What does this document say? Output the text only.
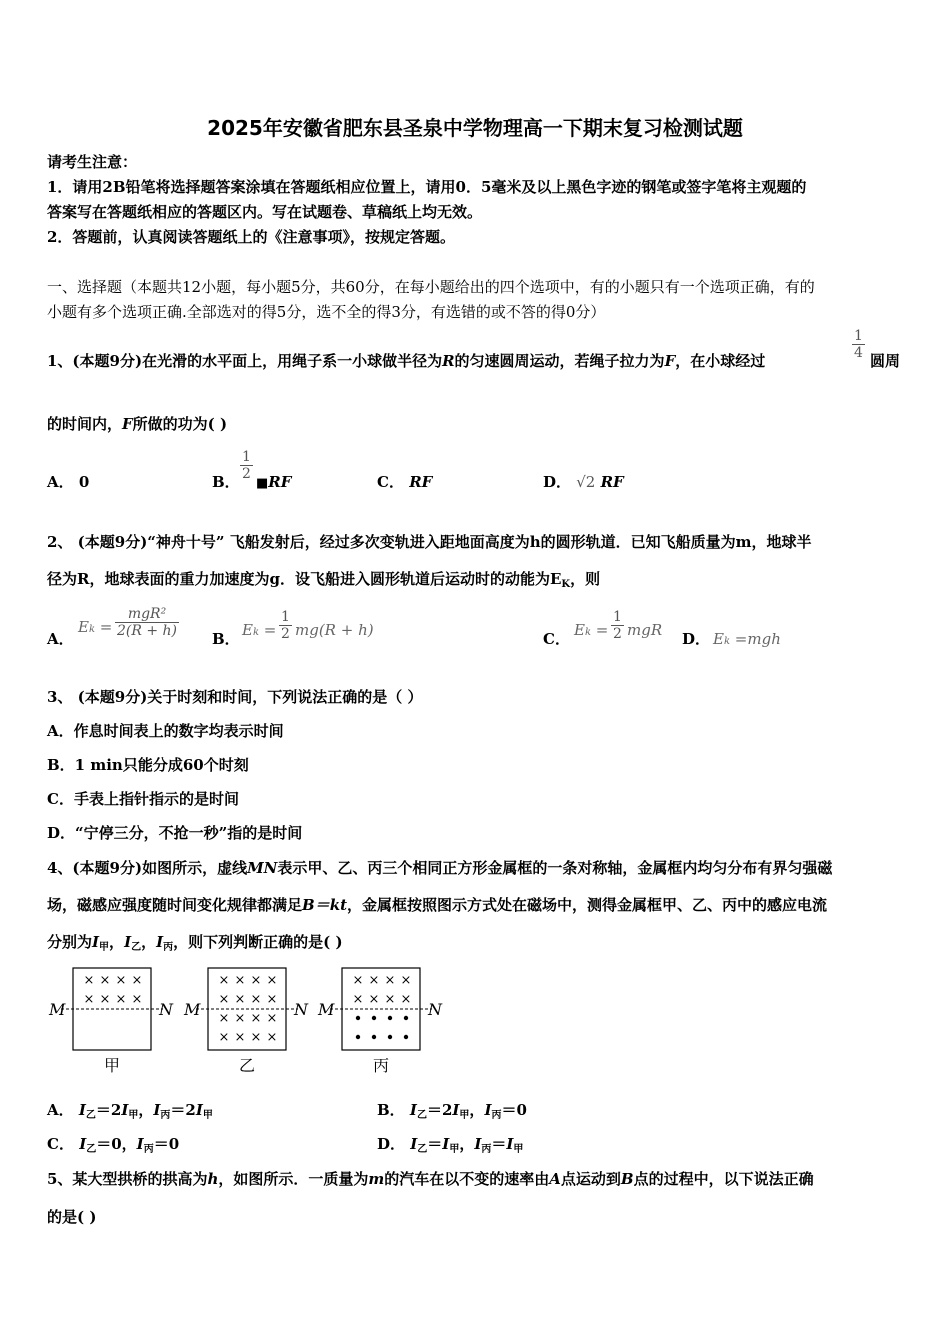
2025年安徽省肥东县圣泉中学物理高一下期末复习检测试题
请考生注意：
1．请用2B铅笔将选择题答案涂填在答题纸相应位置上，请用0．5毫米及以上黑色字迹的钢笔或签字笔将主观题的
答案写在答题纸相应的答题区内。写在试题卷、草稿纸上均无效。
2．答题前，认真阅读答题纸上的《注意事项》，按规定答题。
一、选择题（本题共12小题，每小题5分，共60分，在每小题给出的四个选项中，有的小题只有一个选项正确，有的
小题有多个选项正确.全部选对的得5分，选不全的得3分，有选错的或不答的得0分）
1、(本题9分)在光滑的水平面上，用绳子系一小球做半径为R的匀速圆周运动，若绳子拉力为F，在小球经过	$\frac{1}{4}$ 圆周
的时间内，F所做的功为( )
A． 0	B． $\frac{1}{2}$
■RF	C． RF	D． √2 RF
2、 (本题9分)“神舟十号” 飞船发射后，经过多次变轨进入距地面高度为h的圆形轨道．已知飞船质量为m，地球半
径为R，地球表面的重力加速度为g．设飞船进入圆形轨道后运动时的动能为$E_K$，则
A．
Ek =
mgR²
2(R + h) B． $Ek = \frac{1}{2} mg(R + h)$	C． $Ek = \frac{1}{2}$ mgR D． Ek =mgh
3、 (本题9分)关于时刻和时间，下列说法正确的是（ ）
A．作息时间表上的数字均表示时间
B．1 min只能分成60个时刻
C．手表上指针指示的是时间
D．“宁停三分，不抢一秒”指的是时间
4、(本题9分)如图所示，虚线MN表示甲、乙、丙三个相同正方形金属框的一条对称轴，金属框内均匀分布有界匀强磁
场，磁感应强度随时间变化规律都满足B＝kt，金属框按照图示方式处在磁场中，测得金属框甲、乙、丙中的感应电流
分别为$I_甲$，$I_乙$，$I_丙$，则下列判断正确的是( )
M	N
× × × ×
× × × ×
甲
M	N
× × × ×
× × × ×
× × × ×
× × × ×
乙
M	N
× × × ×
× × × ×
丙
A． $I_乙=2I_甲$，$I_丙=2I_甲$	B． $I_乙=2I_甲$，$I_丙=0$
C． $I_乙=0$，$I_丙=0$	D． $I_乙=I_甲$，$I_丙=I_甲$
5、某大型拱桥的拱高为h，如图所示．一质量为m的汽车在以不变的速率由A点运动到B点的过程中，以下说法正确
的是( )
